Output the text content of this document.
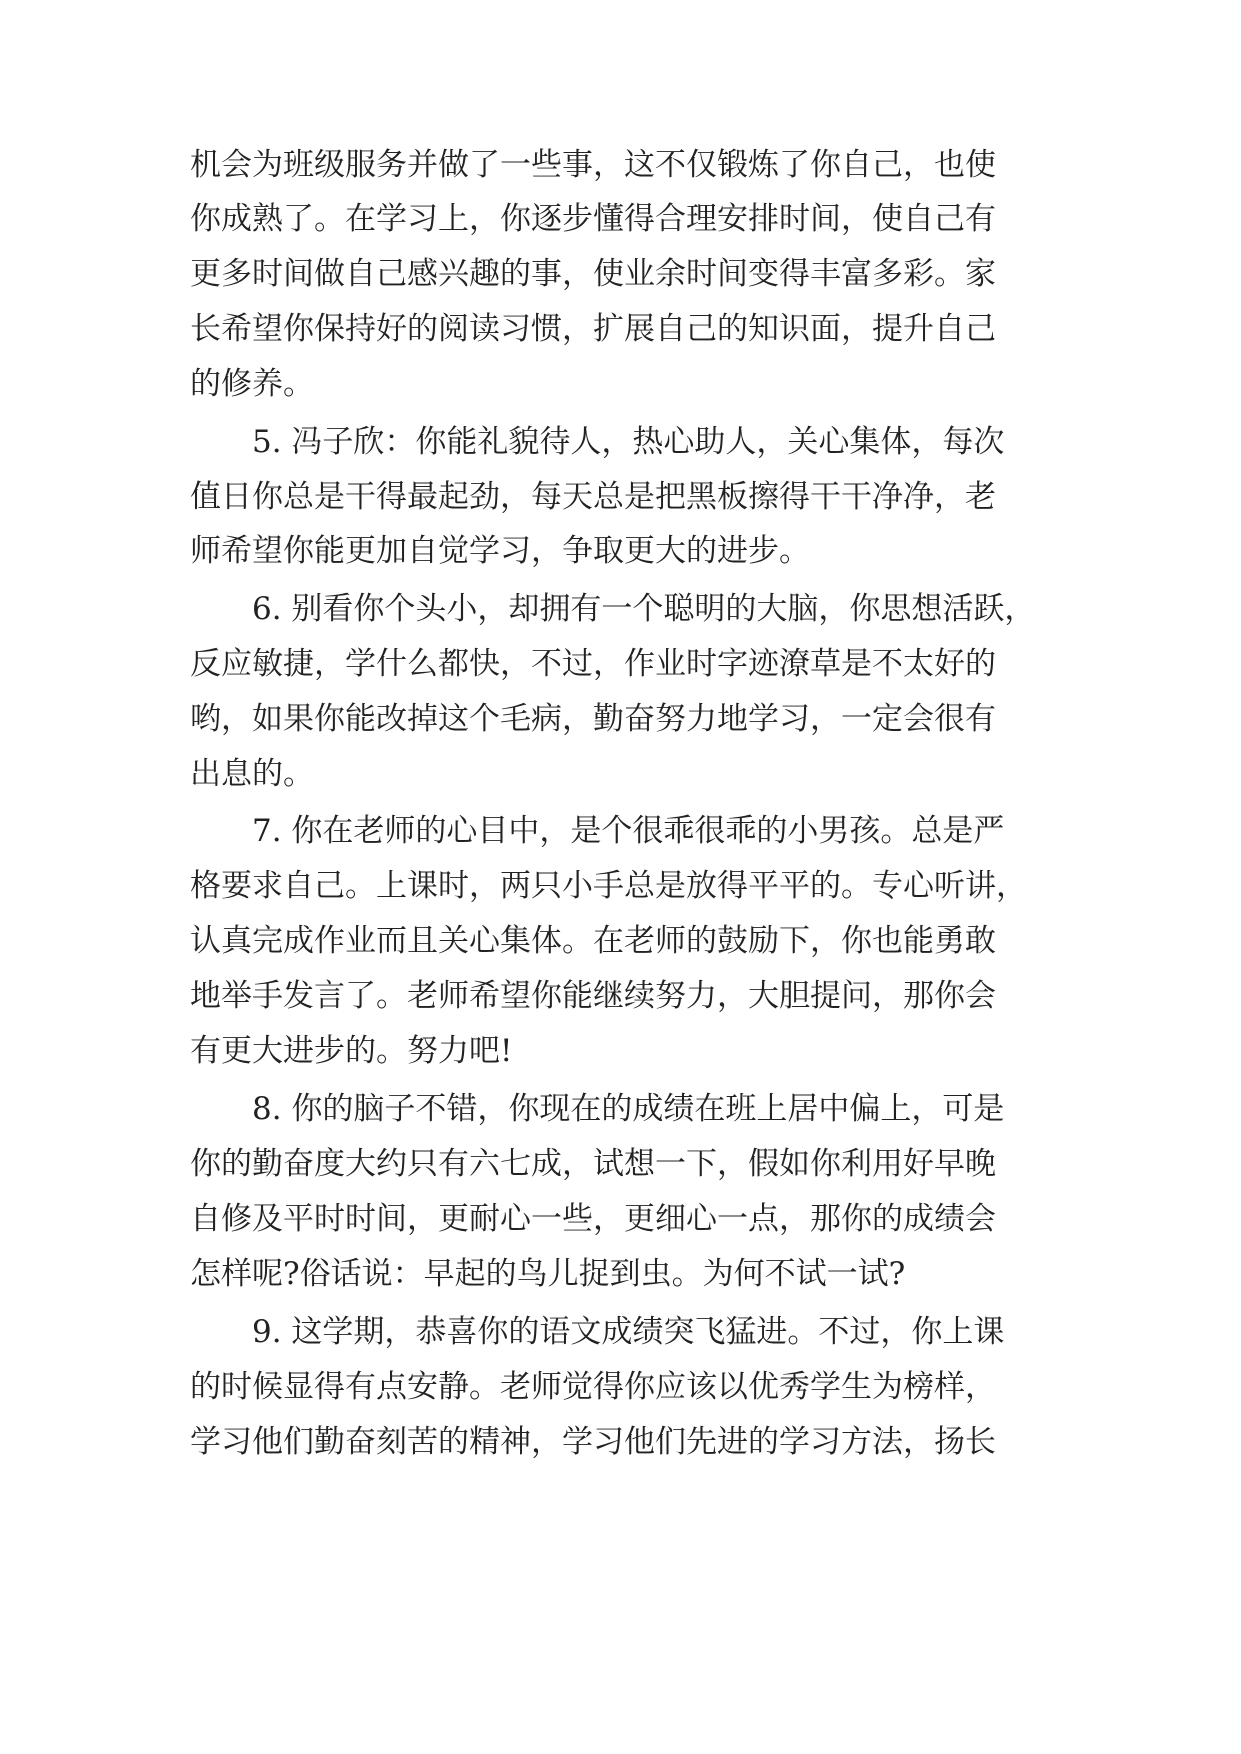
机会为班级服务并做了一些事，这不仅锻炼了你自己，也使

你成熟了。在学习上，你逐步懂得合理安排时间，使自己有

更多时间做自己感兴趣的事，使业余时间变得丰富多彩。家

长希望你保持好的阅读习惯，扩展自己的知识面，提升自己

的修养。

5. 冯子欣：你能礼貌待人，热心助人，关心集体，每次

值日你总是干得最起劲，每天总是把黑板擦得干干净净，老

师希望你能更加自觉学习，争取更大的进步。

6. 别看你个头小，却拥有一个聪明的大脑，你思想活跃，

反应敏捷，学什么都快，不过，作业时字迹潦草是不太好的

哟，如果你能改掉这个毛病，勤奋努力地学习，一定会很有

出息的。

7. 你在老师的心目中，是个很乖很乖的小男孩。总是严

格要求自己。上课时，两只小手总是放得平平的。专心听讲，

认真完成作业而且关心集体。在老师的鼓励下，你也能勇敢

地举手发言了。老师希望你能继续努力，大胆提问，那你会

有更大进步的。努力吧!

8. 你的脑子不错，你现在的成绩在班上居中偏上，可是

你的勤奋度大约只有六七成，试想一下，假如你利用好早晚

自修及平时时间，更耐心一些，更细心一点，那你的成绩会

怎样呢?俗话说：早起的鸟儿捉到虫。为何不试一试?

9. 这学期，恭喜你的语文成绩突飞猛进。不过，你上课

的时候显得有点安静。老师觉得你应该以优秀学生为榜样，

学习他们勤奋刻苦的精神，学习他们先进的学习方法，扬长
